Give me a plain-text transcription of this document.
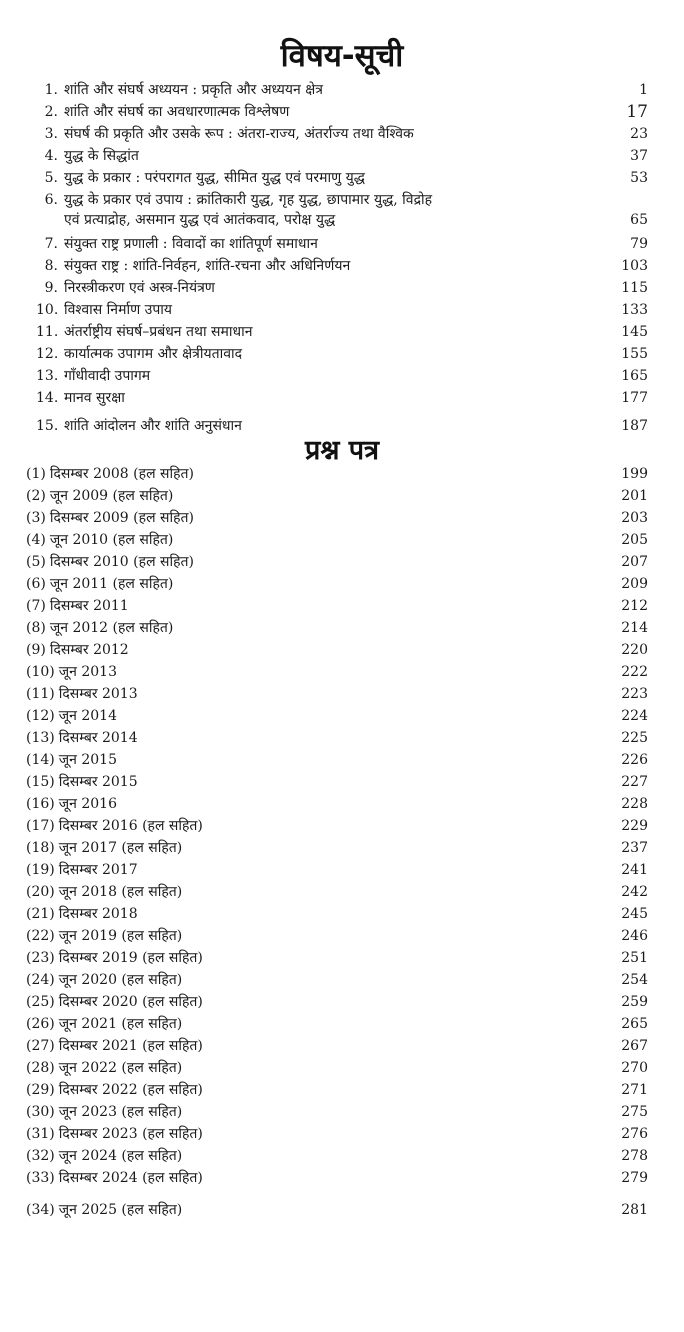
विषय-सूची
1. शांति और संघर्ष अध्ययन : प्रकृति और अध्ययन क्षेत्र	1
2. शांति और संघर्ष का अवधारणात्मक विश्लेषण	17
3. संघर्ष की प्रकृति और उसके रूप : अंतरा-राज्य, अंतर्राज्य तथा वैश्विक	23
4. युद्ध के सिद्धांत	37
5. युद्ध के प्रकार : परंपरागत युद्ध, सीमित युद्ध एवं परमाणु युद्ध	53
6. युद्ध के प्रकार एवं उपाय : क्रांतिकारी युद्ध, गृह युद्ध, छापामार युद्ध, विद्रोह
एवं प्रत्याद्रोह, असमान युद्ध एवं आतंकवाद, परोक्ष युद्ध	65
7. संयुक्त राष्ट्र प्रणाली : विवादों का शांतिपूर्ण समाधान	79
8. संयुक्त राष्ट्र : शांति-निर्वहन, शांति-रचना और अधिनिर्णयन	103
9. निरस्त्रीकरण एवं अस्त्र-नियंत्रण	115
10. विश्वास निर्माण उपाय	133
11. अंतर्राष्ट्रीय संघर्ष–प्रबंधन तथा समाधान	145
12. कार्यात्मक उपागम और क्षेत्रीयतावाद	155
13. गाँधीवादी उपागम	165
14. मानव सुरक्षा	177
15. शांति आंदोलन और शांति अनुसंधान	187
प्रश्न पत्र
(1) दिसम्बर 2008 (हल सहित)	199
(2) जून 2009 (हल सहित)	201
(3) दिसम्बर 2009 (हल सहित)	203
(4) जून 2010 (हल सहित)	205
(5) दिसम्बर 2010 (हल सहित)	207
(6) जून 2011 (हल सहित)	209
(7) दिसम्बर 2011	212
(8) जून 2012 (हल सहित)	214
(9) दिसम्बर 2012	220
(10) जून 2013	222
(11) दिसम्बर 2013	223
(12) जून 2014	224
(13) दिसम्बर 2014	225
(14) जून 2015	226
(15) दिसम्बर 2015	227
(16) जून 2016	228
(17) दिसम्बर 2016 (हल सहित)	229
(18) जून 2017 (हल सहित)	237
(19) दिसम्बर 2017	241
(20) जून 2018 (हल सहित)	242
(21) दिसम्बर 2018	245
(22) जून 2019 (हल सहित)	246
(23) दिसम्बर 2019 (हल सहित)	251
(24) जून 2020 (हल सहित)	254
(25) दिसम्बर 2020 (हल सहित)	259
(26) जून 2021 (हल सहित)	265
(27) दिसम्बर 2021 (हल सहित)	267
(28) जून 2022 (हल सहित)	270
(29) दिसम्बर 2022 (हल सहित)	271
(30) जून 2023 (हल सहित)	275
(31) दिसम्बर 2023 (हल सहित)	276
(32) जून 2024 (हल सहित)	278
(33) दिसम्बर 2024 (हल सहित)	279
(34) जून 2025 (हल सहित)	281
